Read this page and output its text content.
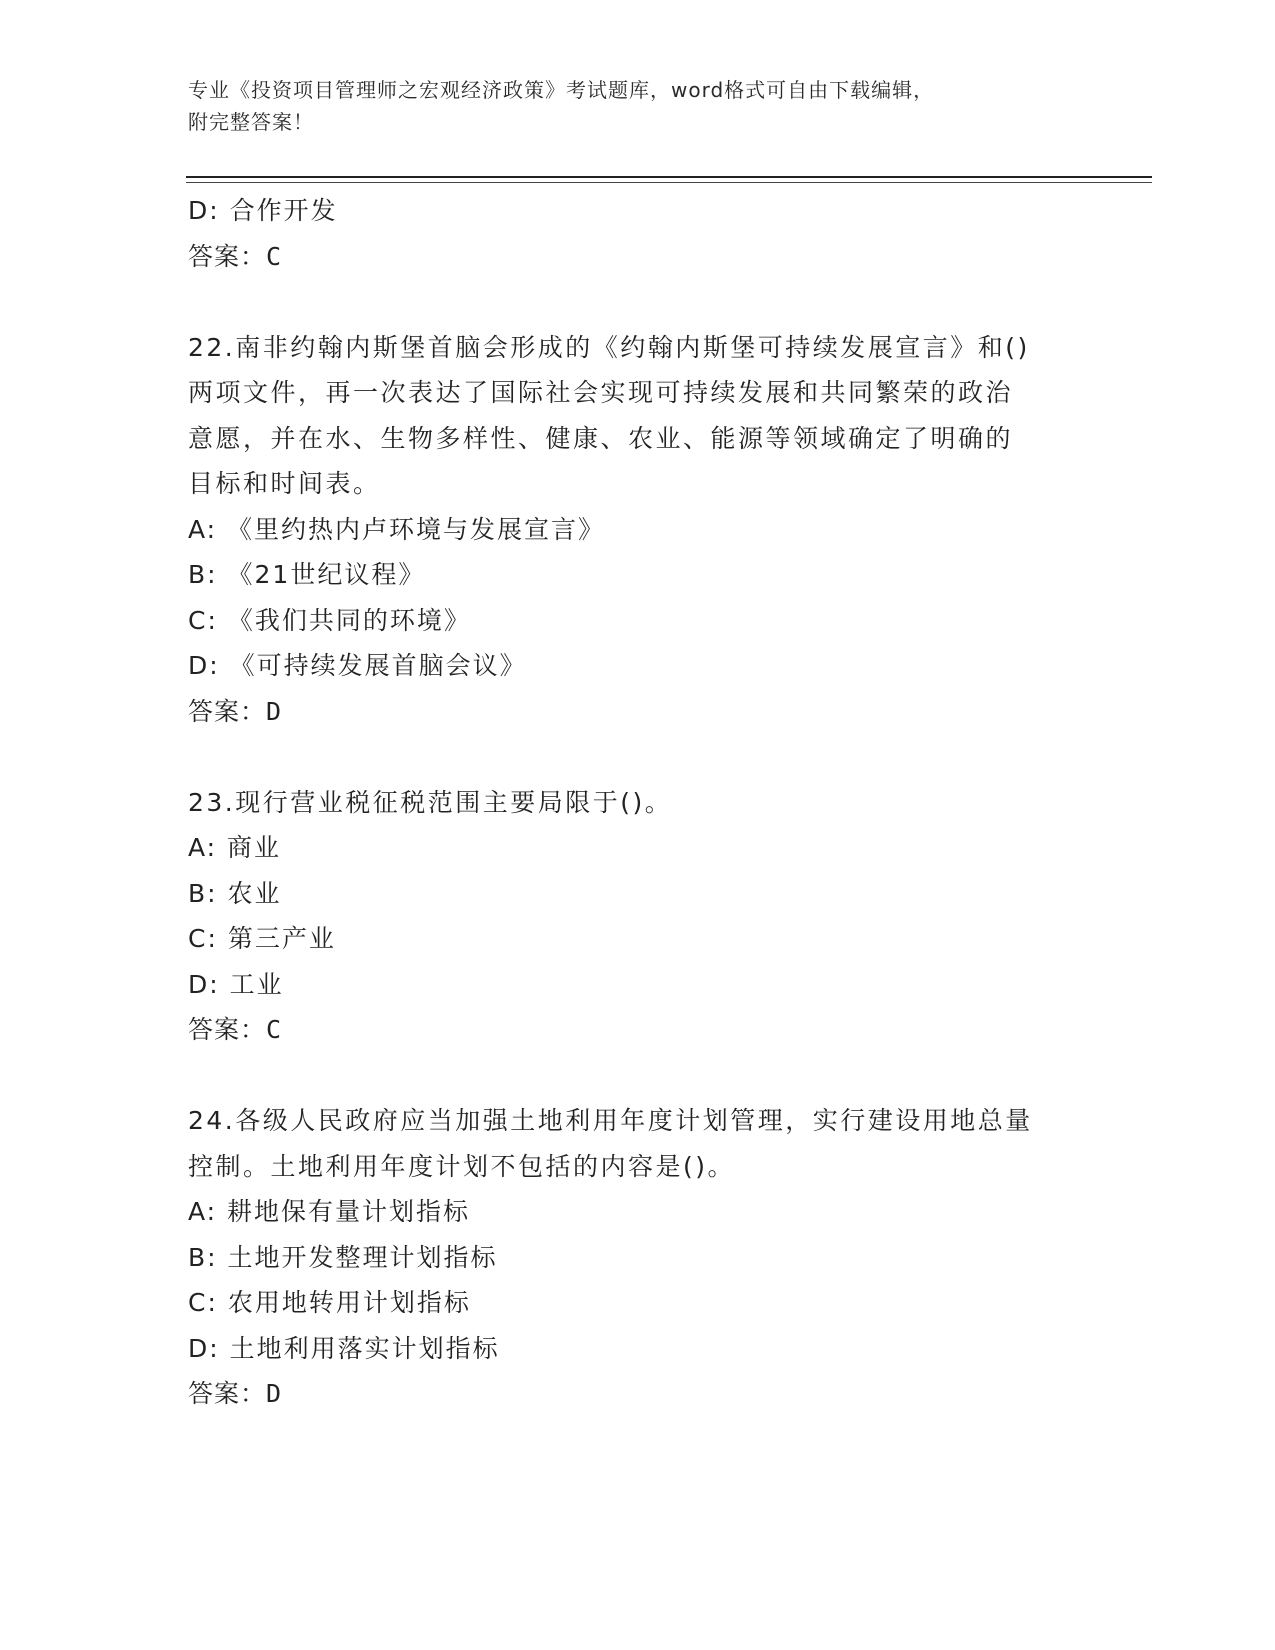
专业《投资项目管理师之宏观经济政策》考试题库，word格式可自由下载编辑，
附完整答案！
D: 合作开发
答案：C
22.南非约翰内斯堡首脑会形成的《约翰内斯堡可持续发展宣言》和()
两项文件，再一次表达了国际社会实现可持续发展和共同繁荣的政治
意愿，并在水、生物多样性、健康、农业、能源等领域确定了明确的
目标和时间表。
A: 《里约热内卢环境与发展宣言》
B: 《21世纪议程》
C: 《我们共同的环境》
D: 《可持续发展首脑会议》
答案：D
23.现行营业税征税范围主要局限于()。
A: 商业
B: 农业
C: 第三产业
D: 工业
答案：C
24.各级人民政府应当加强土地利用年度计划管理，实行建设用地总量
控制。土地利用年度计划不包括的内容是()。
A: 耕地保有量计划指标
B: 土地开发整理计划指标
C: 农用地转用计划指标
D: 土地利用落实计划指标
答案：D
